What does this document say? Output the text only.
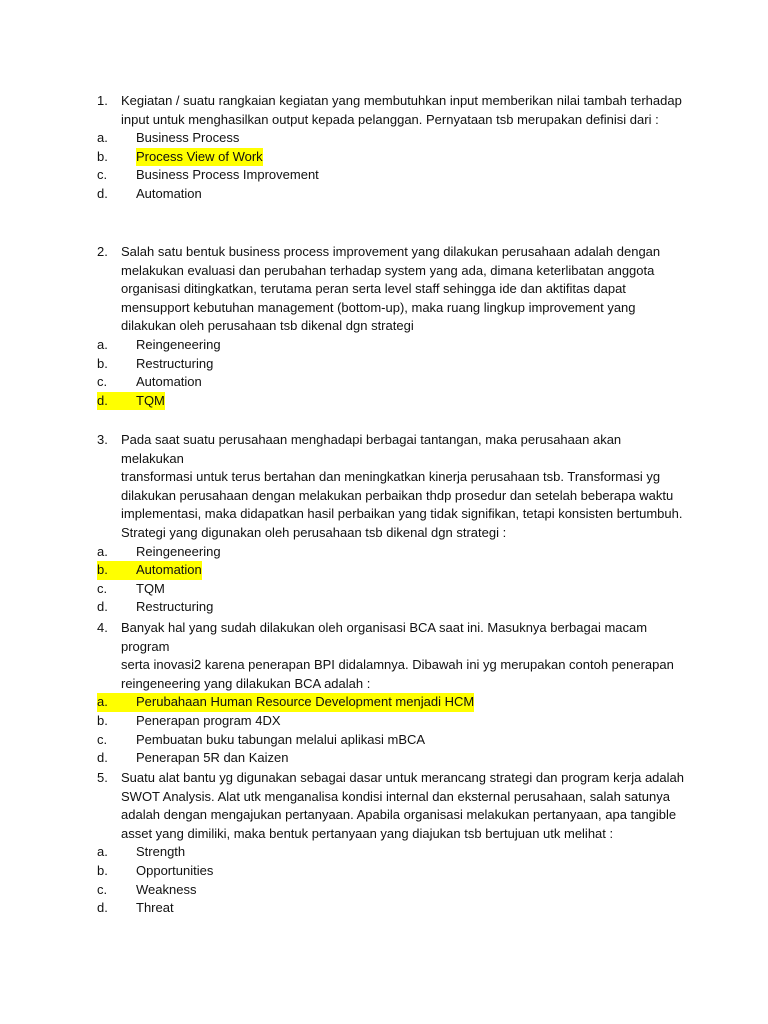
1.	Kegiatan / suatu rangkaian kegiatan yang membutuhkan input memberikan nilai tambah terhadap
input untuk menghasilkan output kepada pelanggan. Pernyataan tsb merupakan definisi dari :
a.	Business Process
b.	Process View of Work
c.	Business Process Improvement
d.	Automation
2.	Salah satu bentuk business process improvement yang dilakukan perusahaan adalah dengan
melakukan evaluasi dan perubahan terhadap system yang ada, dimana keterlibatan anggota
organisasi ditingkatkan, terutama peran serta level staff sehingga ide dan aktifitas dapat
mensupport kebutuhan management (bottom-up), maka ruang lingkup improvement yang
dilakukan oleh perusahaan tsb dikenal dgn strategi
a.	Reingeneering
b.	Restructuring
c.	Automation
d.	TQM
3.	Pada saat suatu perusahaan menghadapi berbagai tantangan, maka perusahaan akan melakukan
transformasi untuk terus bertahan dan meningkatkan kinerja perusahaan tsb. Transformasi yg
dilakukan perusahaan dengan melakukan perbaikan thdp prosedur dan setelah beberapa waktu
implementasi, maka didapatkan hasil perbaikan yang tidak signifikan, tetapi konsisten bertumbuh.
Strategi yang digunakan oleh perusahaan tsb dikenal dgn strategi :
a.	Reingeneering
b.	Automation
c.	TQM
d.	Restructuring
4.	Banyak hal yang sudah dilakukan oleh organisasi BCA saat ini. Masuknya berbagai macam program
serta inovasi2 karena penerapan BPI didalamnya. Dibawah ini yg merupakan contoh penerapan
reingeneering yang dilakukan BCA adalah :
a.	Perubahaan Human Resource Development menjadi HCM
b.	Penerapan program 4DX
c.	Pembuatan buku tabungan melalui aplikasi mBCA
d.	Penerapan 5R dan Kaizen
5.	Suatu alat bantu yg digunakan sebagai dasar untuk merancang strategi dan program kerja adalah
SWOT Analysis. Alat utk menganalisa kondisi internal dan eksternal perusahaan, salah satunya
adalah dengan mengajukan pertanyaan. Apabila organisasi melakukan pertanyaan, apa tangible
asset yang dimiliki, maka bentuk pertanyaan yang diajukan tsb bertujuan utk melihat :
a.	Strength
b.	Opportunities
c.	Weakness
d.	Threat
